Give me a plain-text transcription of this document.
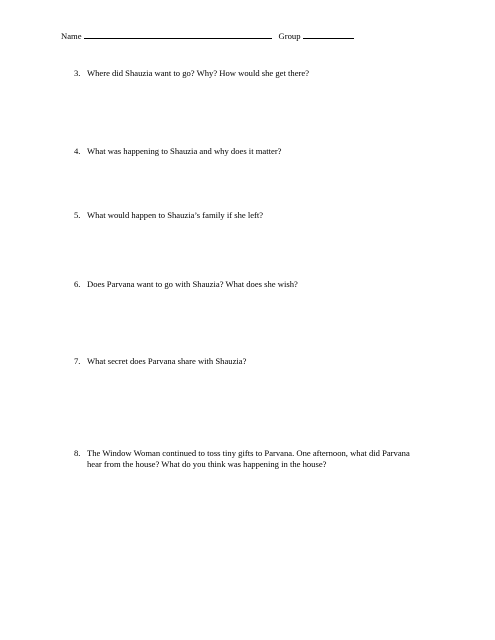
Name	Group
3. Where did Shauzia want to go? Why? How would she get there?
4. What was happening to Shauzia and why does it matter?
5. What would happen to Shauzia’s family if she left?
6. Does Parvana want to go with Shauzia? What does she wish?
7. What secret does Parvana share with Shauzia?
8. The Window Woman continued to toss tiny gifts to Parvana. One afternoon, what did Parvana hear from the house? What do you think was happening in the house?
